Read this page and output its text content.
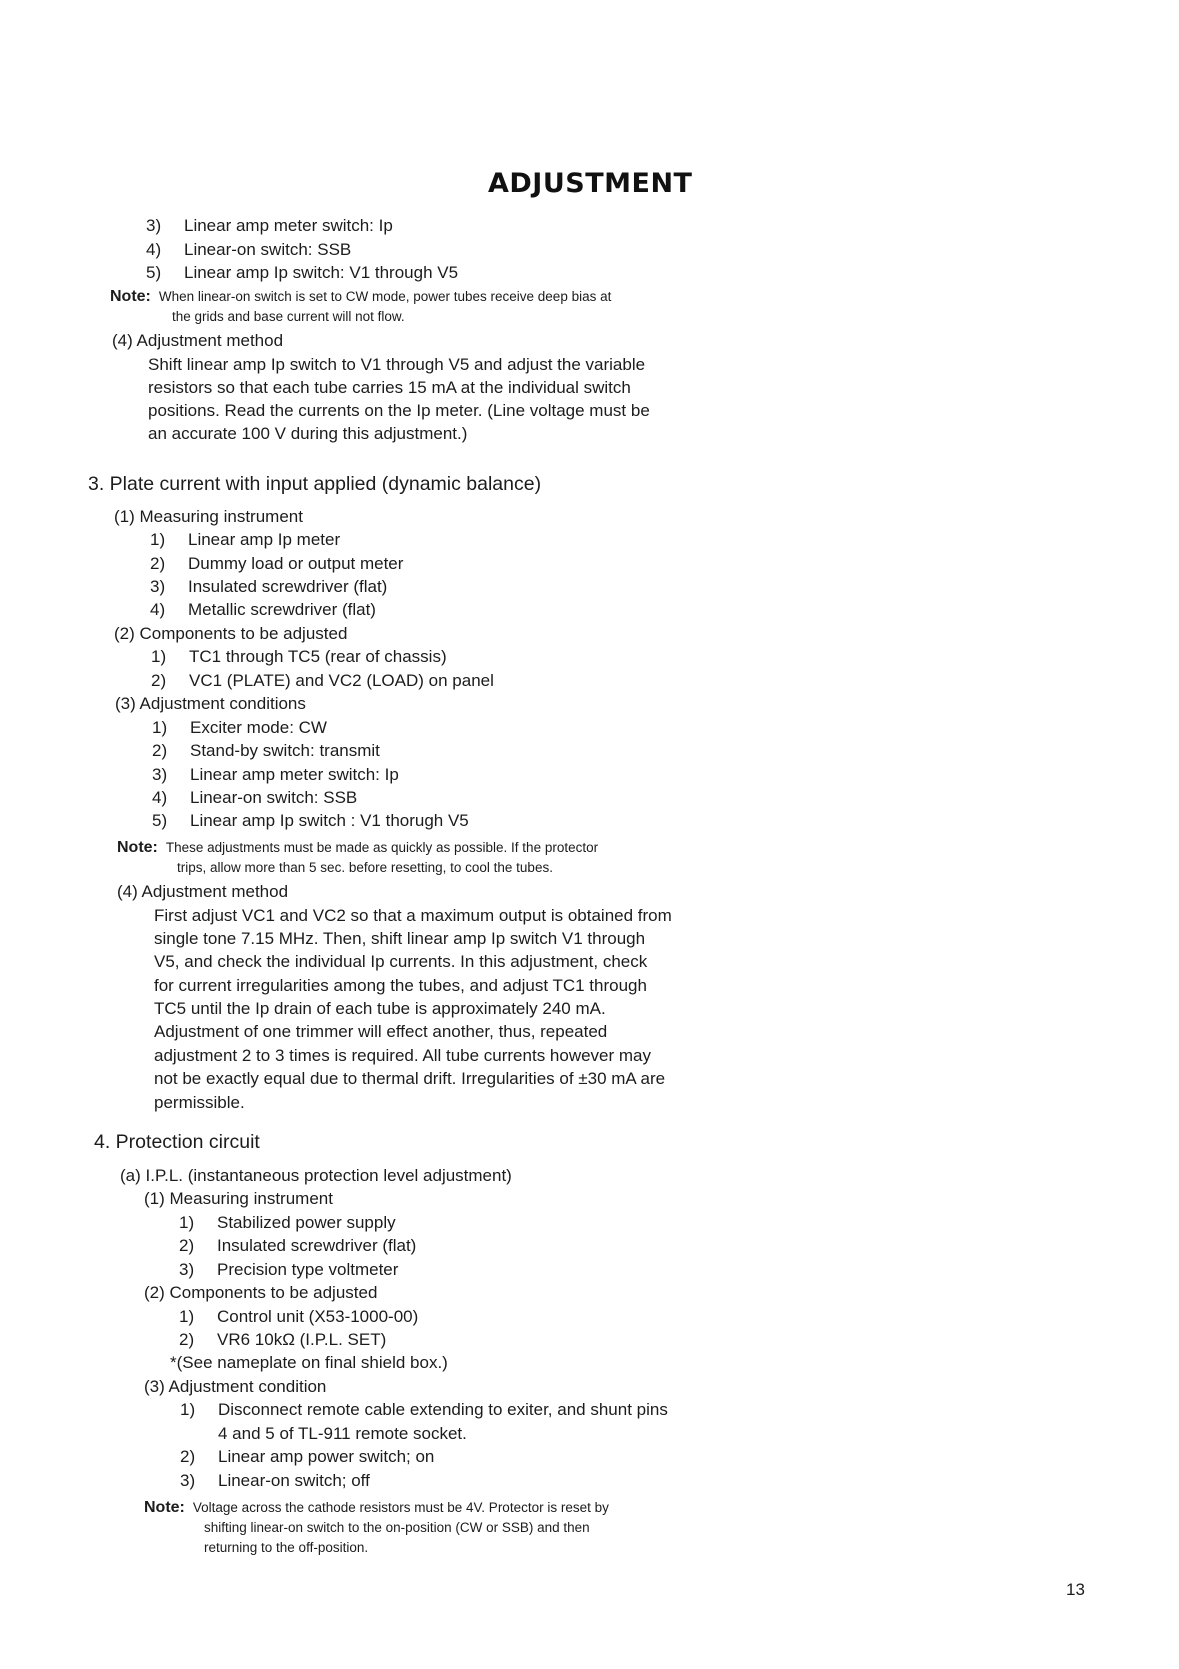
ADJUSTMENT
3) Linear amp meter switch: Ip
4) Linear-on switch: SSB
5) Linear amp Ip switch: V1 through V5
Note: When linear-on switch is set to CW mode, power tubes receive deep bias at
the grids and base current will not flow.
(4) Adjustment method
Shift linear amp Ip switch to V1 through V5 and adjust the variable
resistors so that each tube carries 15 mA at the individual switch
positions. Read the currents on the Ip meter. (Line voltage must be
an accurate 100 V during this adjustment.)
3. Plate current with input applied (dynamic balance)
(1) Measuring instrument
1) Linear amp Ip meter
2) Dummy load or output meter
3) Insulated screwdriver (flat)
4) Metallic screwdriver (flat)
(2) Components to be adjusted
1) TC1 through TC5 (rear of chassis)
2) VC1 (PLATE) and VC2 (LOAD) on panel
(3) Adjustment conditions
1) Exciter mode: CW
2) Stand-by switch: transmit
3) Linear amp meter switch: Ip
4) Linear-on switch: SSB
5) Linear amp Ip switch : V1 thorugh V5
Note: These adjustments must be made as quickly as possible. If the protector
trips, allow more than 5 sec. before resetting, to cool the tubes.
(4) Adjustment method
First adjust VC1 and VC2 so that a maximum output is obtained from
single tone 7.15 MHz. Then, shift linear amp Ip switch V1 through
V5, and check the individual Ip currents. In this adjustment, check
for current irregularities among the tubes, and adjust TC1 through
TC5 until the Ip drain of each tube is approximately 240 mA.
Adjustment of one trimmer will effect another, thus, repeated
adjustment 2 to 3 times is required. All tube currents however may
not be exactly equal due to thermal drift. Irregularities of ±30 mA are
permissible.
4. Protection circuit
(a) I.P.L. (instantaneous protection level adjustment)
(1) Measuring instrument
1) Stabilized power supply
2) Insulated screwdriver (flat)
3) Precision type voltmeter
(2) Components to be adjusted
1) Control unit (X53-1000-00)
2) VR6 10kΩ (I.P.L. SET)
*(See nameplate on final shield box.)
(3) Adjustment condition
1) Disconnect remote cable extending to exiter, and shunt pins
4 and 5 of TL-911 remote socket.
2) Linear amp power switch; on
3) Linear-on switch; off
Note: Voltage across the cathode resistors must be 4V. Protector is reset by
shifting linear-on switch to the on-position (CW or SSB) and then
returning to the off-position.
13
